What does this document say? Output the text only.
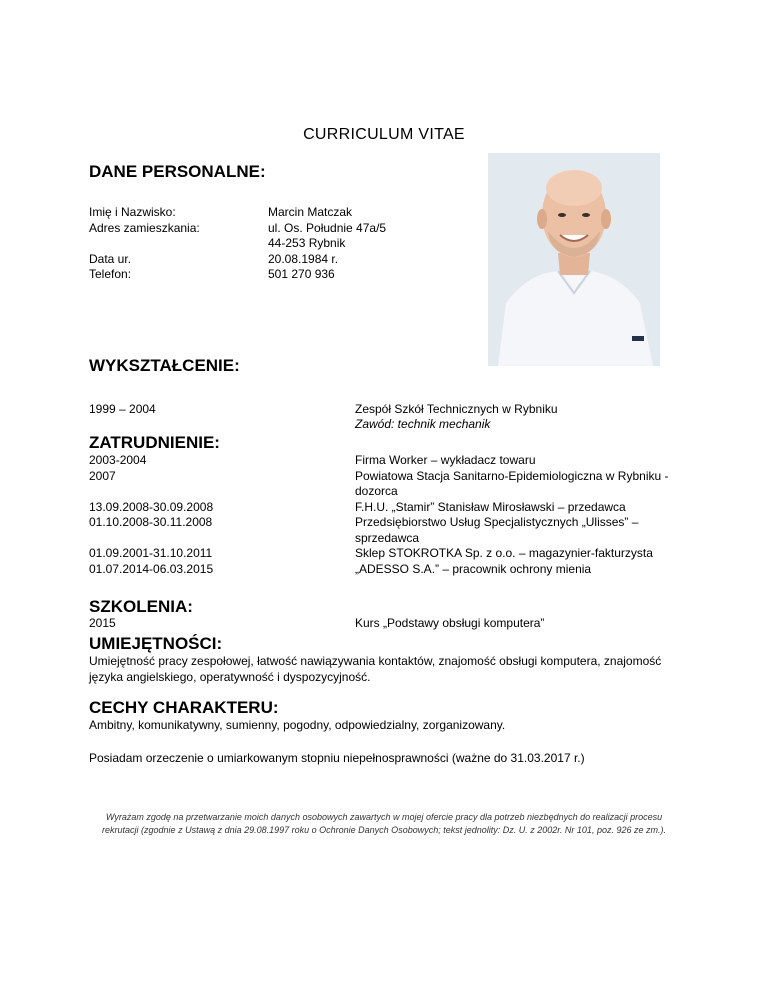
CURRICULUM VITAE
DANE PERSONALNE:
Imię i Nazwisko:
Adres zamieszkania:

Data ur.
Telefon:
Marcin Matczak
ul. Os. Południe 47a/5
44-253 Rybnik
20.08.1984 r.
501 270 936
WYKSZTAŁCENIE:
1999 – 2004	Zespół Szkół Technicznych w Rybniku
Zawód: technik mechanik
ZATRUDNIENIE:
2003-2004
2007

13.09.2008-30.09.2008
01.10.2008-30.11.2008

01.09.2001-31.10.2011
01.07.2014-06.03.2015
Firma Worker – wykładacz towaru
Powiatowa Stacja Sanitarno-Epidemiologiczna w Rybniku -
dozorca
F.H.U. „Stamir” Stanisław Mirosławski – przedawca
Przedsiębiorstwo Usług Specjalistycznych „Ulisses” –
sprzedawca
Sklep STOKROTKA Sp. z o.o. – magazynier-fakturzysta
„ADESSO S.A.” – pracownik ochrony mienia
SZKOLENIA:
2015	Kurs „Podstawy obsługi komputera”
UMIEJĘTNOŚCI:
Umiejętność pracy zespołowej, łatwość nawiązywania kontaktów, znajomość obsługi komputera, znajomość
języka angielskiego, operatywność i dyspozycyjność.
CECHY CHARAKTERU:
Ambitny, komunikatywny, sumienny, pogodny, odpowiedzialny, zorganizowany.
Posiadam orzeczenie o umiarkowanym stopniu niepełnosprawności (ważne do 31.03.2017 r.)
Wyrażam zgodę na przetwarzanie moich danych osobowych zawartych w mojej ofercie pracy dla potrzeb niezbędnych do realizacji procesu
rekrutacji (zgodnie z Ustawą z dnia 29.08.1997 roku o Ochronie Danych Osobowych; tekst jednolity: Dz. U. z 2002r. Nr 101, poz. 926 ze zm.).
